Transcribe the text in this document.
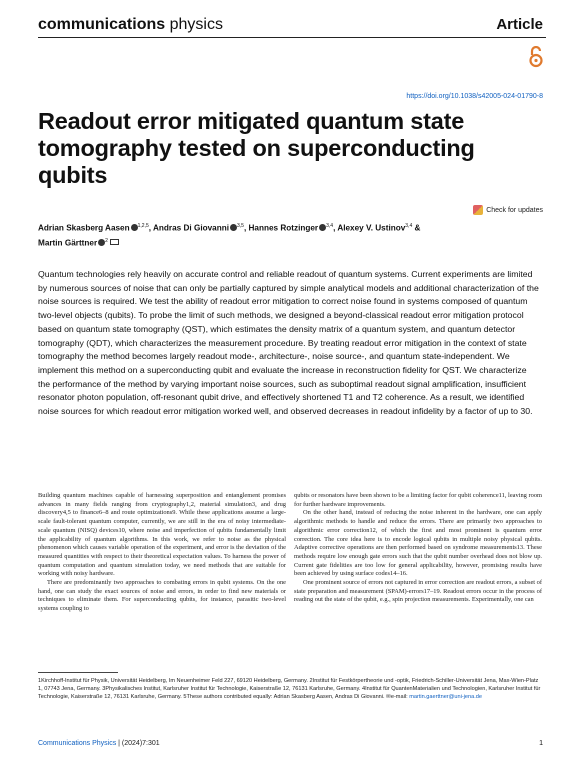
communications physics	Article
https://doi.org/10.1038/s42005-024-01790-8
Readout error mitigated quantum state tomography tested on superconducting qubits
Check for updates
Adrian Skasberg Aasen $^{1,2,5}$, Andras Di Giovanni $^{3,5}$, Hannes Rotzinger $^{3,4}$, Alexey V. Ustinov$^{3,4}$ &
Martin Gärttner $^2$
Quantum technologies rely heavily on accurate control and reliable readout of quantum systems. Current experiments are limited by numerous sources of noise that can only be partially captured by simple analytical models and additional characterization of the noise sources is required. We test the ability of readout error mitigation to correct noise found in systems composed of quantum two-level objects (qubits). To probe the limit of such methods, we designed a beyond-classical readout error mitigation protocol based on quantum state tomography (QST), which estimates the density matrix of a quantum system, and quantum detector tomography (QDT), which characterizes the measurement procedure. By treating readout error mitigation in the context of state tomography the method becomes largely readout mode-, architecture-, noise source-, and quantum state-independent. We implement this method on a superconducting qubit and evaluate the increase in reconstruction fidelity for QST. We characterize the performance of the method by varying important noise sources, such as suboptimal readout signal amplification, insufficient resonator photon population, off-resonant qubit drive, and effectively shortened T1 and T2 coherence. As a result, we identified noise sources for which readout error mitigation worked well, and observed decreases in readout infidelity by a factor of up to 30.

Building quantum machines capable of harnessing superposition and entanglement promises advances in many fields ranging from cryptography1,2, material simulation3, and drug discovery4,5 to finance6–8 and route optimizations9. While these applications assume a large-scale fault-tolerant quantum computer, currently, we are still in the era of noisy intermediate-scale quantum (NISQ) devices10, where noise and imperfection of qubits fundamentally limit the applicability of quantum algorithms. In this work, we refer to noise as the physical phenomenon which causes variable operation of the experiment, and error is the deviation of the measured quantities with respect to their theoretical expectation values. To harness the power of quantum computation and quantum simulation today, we need methods that are suitable for working with noisy hardware.

There are predominantly two approaches to combating errors in qubit systems. On the one hand, one can study the exact sources of noise and errors, in order to find new materials or techniques to eliminate them. For superconducting qubits, for instance, parasitic two-level systems coupling to

qubits or resonators have been shown to be a limiting factor for qubit coherence11, leaving room for further hardware improvements.

On the other hand, instead of reducing the noise inherent in the hardware, one can apply algorithmic methods to handle and reduce the errors. There are primarily two approaches to algorithmic error correction12, of which the first and most prominent is quantum error correction. The core idea here is to encode logical qubits in multiple noisy physical qubits. Adaptive corrective operations are then performed based on syndrome measurements13. These methods require low enough gate errors such that the qubit number overhead does not blow up. Current gate fidelities are too low for general applicability, however, promising results have been achieved by using surface codes14–16.

One prominent source of errors not captured in error correction are readout errors, a subset of state preparation and measurement (SPAM)-errors17–19. Readout errors occur in the process of reading out the state of the qubit, e.g., spin projection measurements. Experimentally, one can

1Kirchhoff-Institut für Physik, Universität Heidelberg, Im Neuenheimer Feld 227, 69120 Heidelberg, Germany. 2Institut für Festkörpertheorie und -optik, Friedrich-Schiller-Universität Jena, Max-Wien-Platz 1, 07743 Jena, Germany. 3Physikalisches Institut, Karlsruher Institut für Technologie, Kaiserstraße 12, 76131 Karlsruhe, Germany. 4Institut für QuantenMaterialien und Technologien, Karlsruher Institut für Technologie, Kaiserstraße 12, 76131 Karlsruhe, Germany. 5These authors contributed equally: Adrian Skasberg Aasen, Andras Di Giovanni. ✉e-mail: martin.gaerttner@uni-jena.de
Communications Physics | (2024)7:301	1
